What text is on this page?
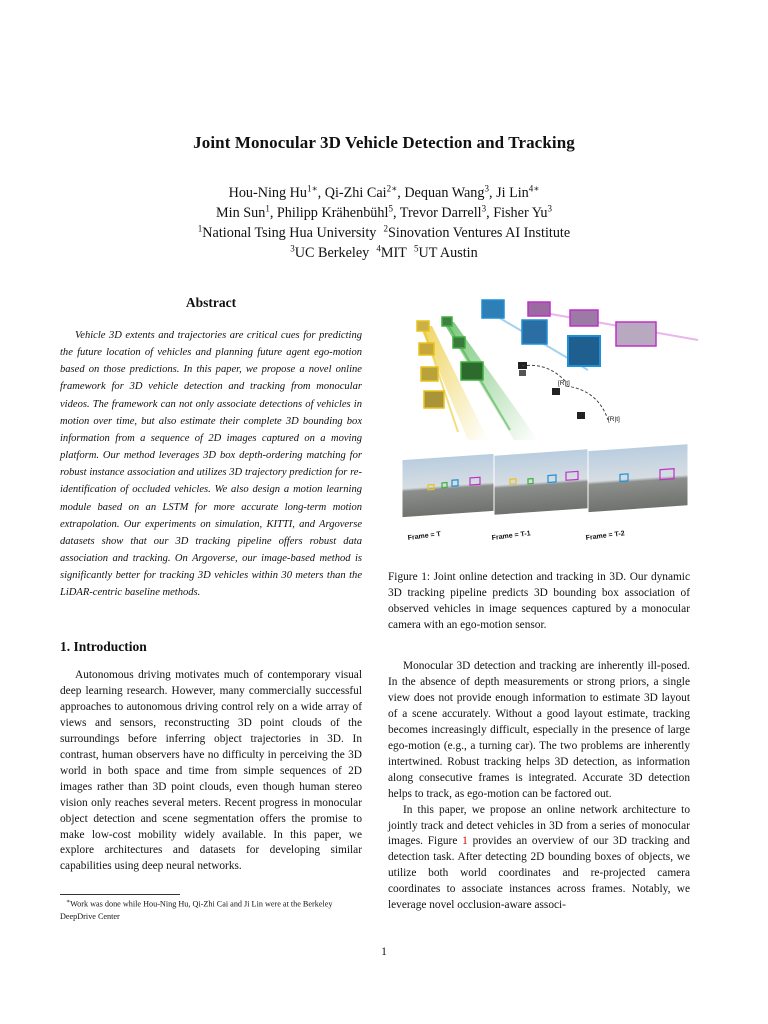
Joint Monocular 3D Vehicle Detection and Tracking
Hou-Ning $Hu^{1∗}$, Qi-Zhi Cai$^{2∗}$, Dequan Wang$^3$, Ji Lin$^{4∗}$
Min Sun$^1$, Philipp Krähenbühl$^5$, Trevor Darrell$^3$, Fisher Yu$^3$
$^1$National Tsing Hua University $^2$Sinovation Ventures AI Institute
$^3$UC Berkeley $^4$MIT $^5$UT Austin
Abstract

Vehicle 3D extents and trajectories are critical cues for predicting the future location of vehicles and planning future agent ego-motion based on those predictions. In this paper, we propose a novel online framework for 3D vehicle detection and tracking from monocular videos. The framework can not only associate detections of vehicles in motion over time, but also estimate their complete 3D bounding box information from a sequence of 2D images captured on a moving platform. Our method leverages 3D box depth-ordering matching for robust instance association and utilizes 3D trajectory prediction for re-identification of occluded vehicles. We also design a motion learning module based on an LSTM for more accurate long-term motion extrapolation. Our experiments on simulation, KITTI, and Argoverse datasets show that our 3D tracking pipeline offers robust data association and tracking. On Argoverse, our image-based method is significantly better for tracking 3D vehicles within 30 meters than the LiDAR-centric baseline methods.

1. Introduction

Autonomous driving motivates much of contemporary visual deep learning research. However, many commercially successful approaches to autonomous driving control rely on a wide array of views and sensors, reconstructing 3D point clouds of the surroundings before inferring object trajectories in 3D. In contrast, human observers have no difficulty in perceiving the 3D world in both space and time from simple sequences of 2D images rather than 3D point clouds, even though human stereo vision only reaches several meters. Recent progress in monocular object detection and scene segmentation offers the promise to make low-cost mobility widely available. In this paper, we explore architectures and datasets for developing similar capabilities using deep neural networks.

∗Work was done while Hou-Ning Hu, Qi-Zhi Cai and Ji Lin were at the Berkeley DeepDrive Center

[R|t]
[R|t]
Frame = T	Frame = T-1	Frame = T-2

Figure 1: Joint online detection and tracking in 3D. Our dynamic 3D tracking pipeline predicts 3D bounding box association of observed vehicles in image sequences captured by a monocular camera with an ego-motion sensor.

Monocular 3D detection and tracking are inherently ill-posed. In the absence of depth measurements or strong priors, a single view does not provide enough information to estimate 3D layout of a scene accurately. Without a good layout estimate, tracking becomes increasingly difficult, especially in the presence of large ego-motion (e.g., a turning car). The two problems are inherently intertwined. Robust tracking helps 3D detection, as information along consecutive frames is integrated. Accurate 3D detection helps to track, as ego-motion can be factored out.

In this paper, we propose an online network architecture to jointly track and detect vehicles in 3D from a series of monocular images. Figure 1 provides an overview of our 3D tracking and detection task. After detecting 2D bounding boxes of objects, we utilize both world coordinates and re-projected camera coordinates to associate instances across frames. Notably, we leverage novel occlusion-aware associ-

1
